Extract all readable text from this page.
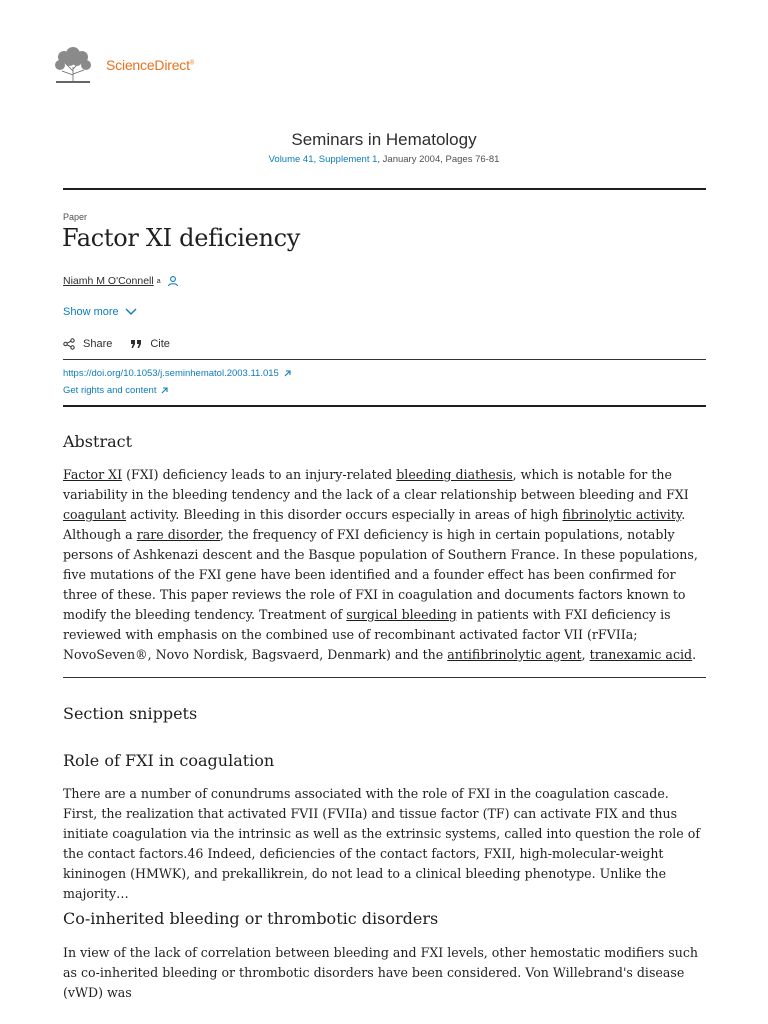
ScienceDirect®
Seminars in Hematology
Volume 41, Supplement 1, January 2004, Pages 76-81
Paper
Factor XI deficiency
Niamh M O'Connell a
Show more
Share	Cite
https://doi.org/10.1053/j.seminhematol.2003.11.015
Get rights and content
Abstract

Factor XI (FXI) deficiency leads to an injury-related bleeding diathesis, which is notable for the variability in the bleeding tendency and the lack of a clear relationship between bleeding and FXI coagulant activity. Bleeding in this disorder occurs especially in areas of high fibrinolytic activity. Although a rare disorder, the frequency of FXI deficiency is high in certain populations, notably persons of Ashkenazi descent and the Basque population of Southern France. In these populations, five mutations of the FXI gene have been identified and a founder effect has been confirmed for three of these. This paper reviews the role of FXI in coagulation and documents factors known to modify the bleeding tendency. Treatment of surgical bleeding in patients with FXI deficiency is reviewed with emphasis on the combined use of recombinant activated factor VII (rFVIIa; NovoSeven®, Novo Nordisk, Bagsvaerd, Denmark) and the antifibrinolytic agent, tranexamic acid.

Section snippets
Role of FXI in coagulation

There are a number of conundrums associated with the role of FXI in the coagulation cascade. First, the realization that activated FVII (FVIIa) and tissue factor (TF) can activate FIX and thus initiate coagulation via the intrinsic as well as the extrinsic systems, called into question the role of the contact factors.46 Indeed, deficiencies of the contact factors, FXII, high-molecular-weight kininogen (HMWK), and prekallikrein, do not lead to a clinical bleeding phenotype. Unlike the majority…

Co-inherited bleeding or thrombotic disorders

In view of the lack of correlation between bleeding and FXI levels, other hemostatic modifiers such as co-inherited bleeding or thrombotic disorders have been considered. Von Willebrand's disease (vWD) was
